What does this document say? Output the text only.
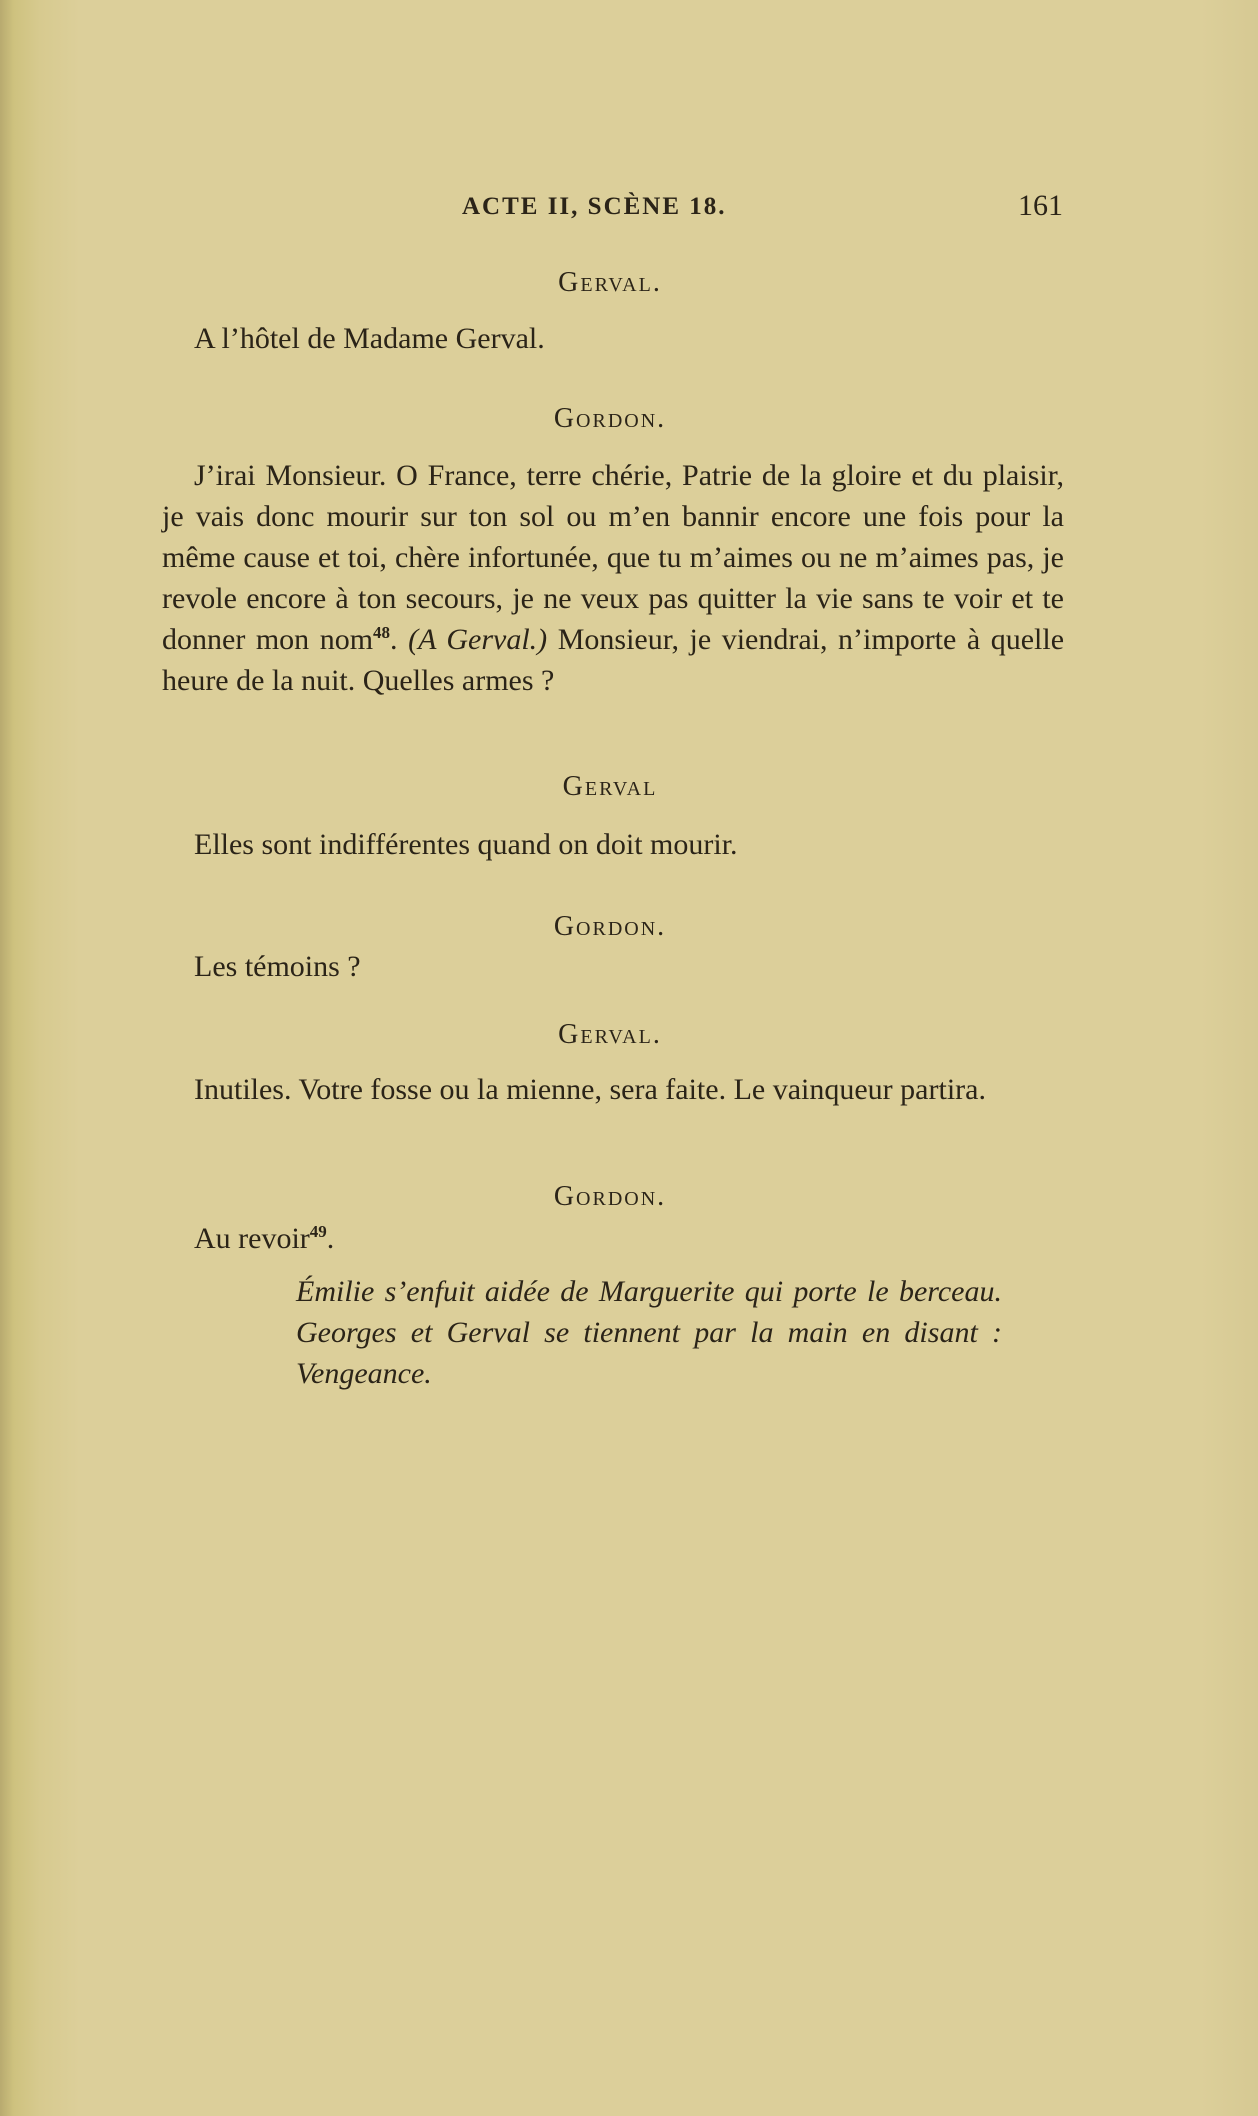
ACTE II, SCÈNE 18.	161
Gerval.

A l’hôtel de Madame Gerval.

Gordon.

J’irai Monsieur. O France, terre chérie, Patrie de la gloire et du plaisir, je vais donc mourir sur ton sol ou m’en bannir encore une fois pour la même cause et toi, chère infortunée, que tu m’aimes ou ne m’aimes pas, je revole encore à ton secours, je ne veux pas quitter la vie sans te voir et te donner mon nom$^{48}$. (A Gerval.) Monsieur, je viendrai, n’importe à quelle heure de la nuit. Quelles armes ?

Gerval

Elles sont indifférentes quand on doit mourir.

Gordon.

Les témoins ?

Gerval.

Inutiles. Votre fosse ou la mienne, sera faite. Le vainqueur partira.

Gordon.

Au revoir$^{49}$.

Émilie s’enfuit aidée de Marguerite qui porte le berceau. Georges et Gerval se tiennent par la main en disant : Vengeance.
